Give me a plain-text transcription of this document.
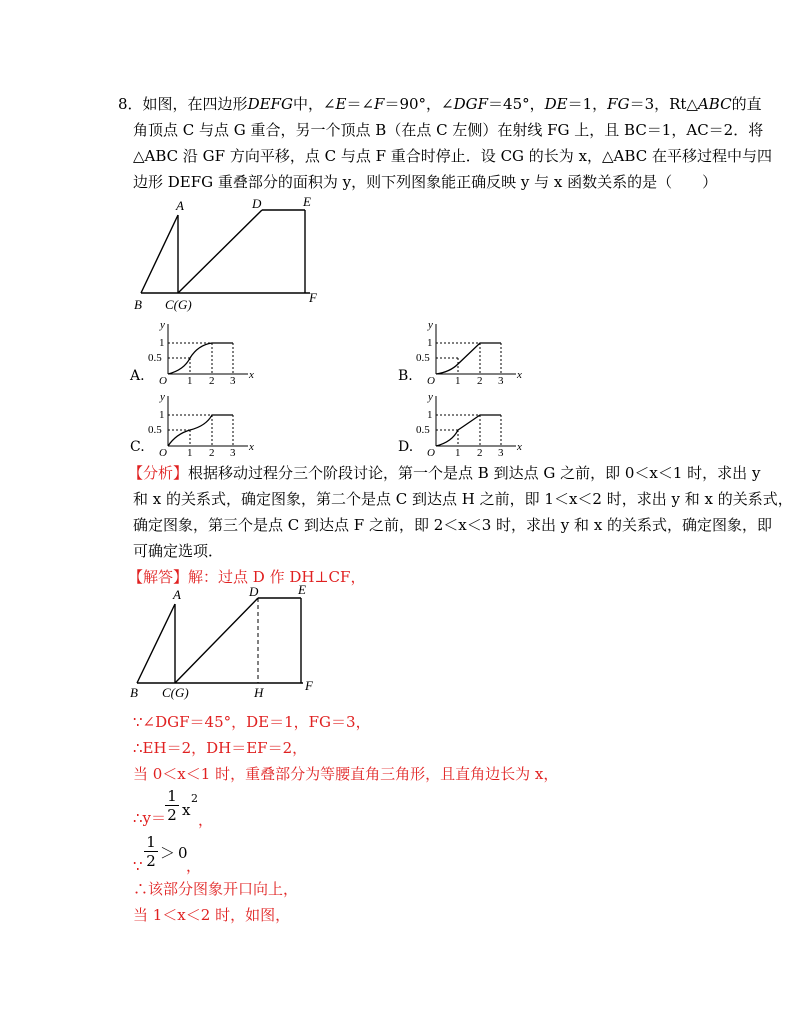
8．如图，在四边形DEFG中，∠E＝∠F＝90°，∠DGF＝45°，DE＝1，FG＝3，Rt△ABC的直
角顶点 C 与点 G 重合，另一个顶点 B（在点 C 左侧）在射线 FG 上，且 BC＝1，AC＝2．将
△ABC 沿 GF 方向平移，点 C 与点 F 重合时停止．设 CG 的长为 x，△ABC 在平移过程中与四
边形 DEFG 重叠部分的面积为 y，则下列图象能正确反映 y 与 x 函数关系的是（　　）
A
B C(G)
D	E
F
A.	B.
C.	D.
y
x
O
1
0.5
1 2 3
y
x
O
1
0.5
1 2 3
y
x
O
1
0.5
1 2 3
y
x
O
1
0.5
1 2 3
【分析】根据移动过程分三个阶段讨论，第一个是点 B 到达点 G 之前，即 0＜x＜1 时，求出 y
和 x 的关系式，确定图象，第二个是点 C 到达点 H 之前，即 1＜x＜2 时，求出 y 和 x 的关系式，
确定图象，第三个是点 C 到达点 F 之前，即 2＜x＜3 时，求出 y 和 x 的关系式，确定图象，即
可确定选项．
【解答】解：过点 D 作 DH⊥CF，
A
B C(G)
D	E
H	F
∵∠DGF＝45°，DE＝1，FG＝3，
∴EH＝2，DH＝EF＝2，
当 0＜x＜1 时，重叠部分为等腰直角三角形，且直角边长为 x，
∴y＝
$\frac{1}{2}$ x
2
，
∵ $\frac{1}{2} > 0$
，
∴该部分图象开口向上，
当 1＜x＜2 时，如图，
